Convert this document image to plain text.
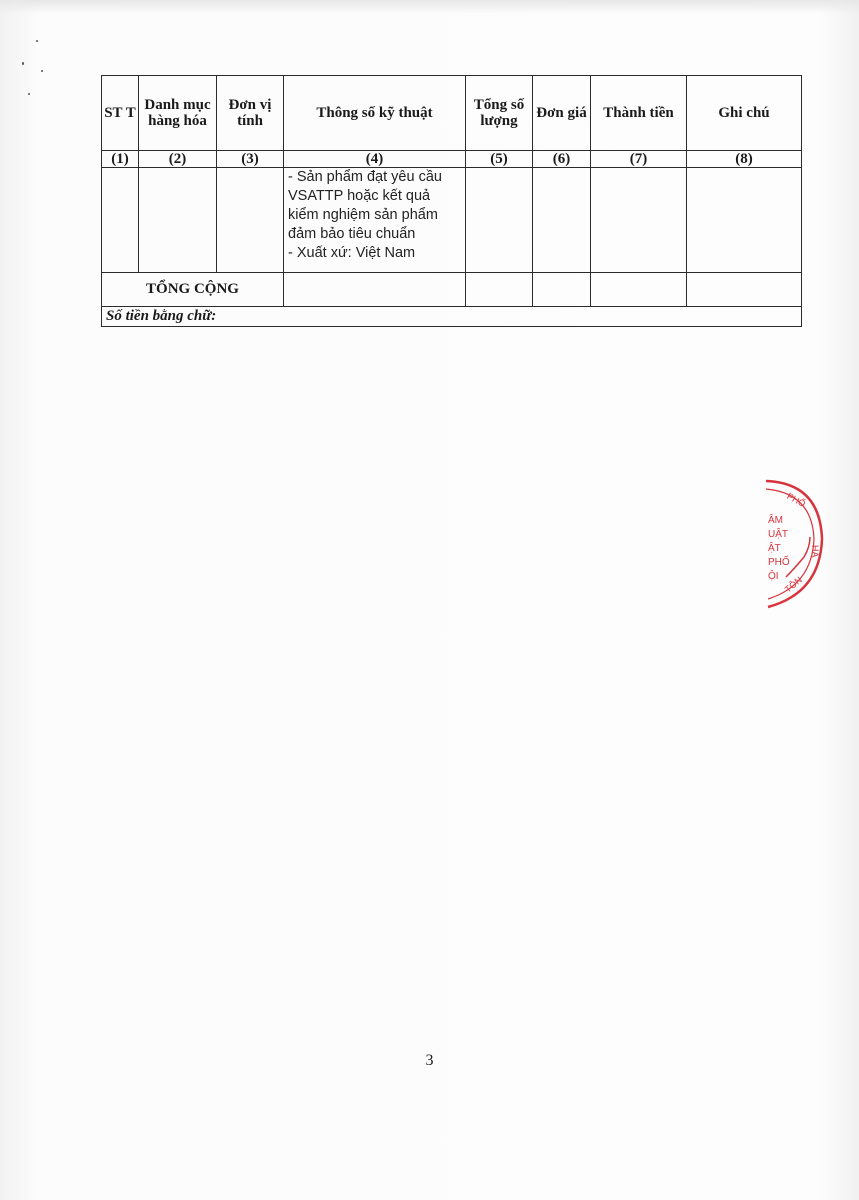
ST T	Danh mục hàng hóa	Đơn vị tính	Thông số kỹ thuật	Tổng số lượng	Đơn giá	Thành tiền	Ghi chú
(1)	(2)	(3)	(4)	(5)	(6)	(7)	(8)

			- Sản phẩm đạt yêu cầu
VSATTP hoặc kết quả
kiểm nghiệm sản phẩm
đảm bảo tiêu chuẩn
- Xuất xứ: Việt Nam				

TỔNG CỘNG							
Số tiền bằng chữ:							
PHỐ
HÀ
TÔN
ÂM
UẬT
ẬT
PHỐ
ỘI
3
